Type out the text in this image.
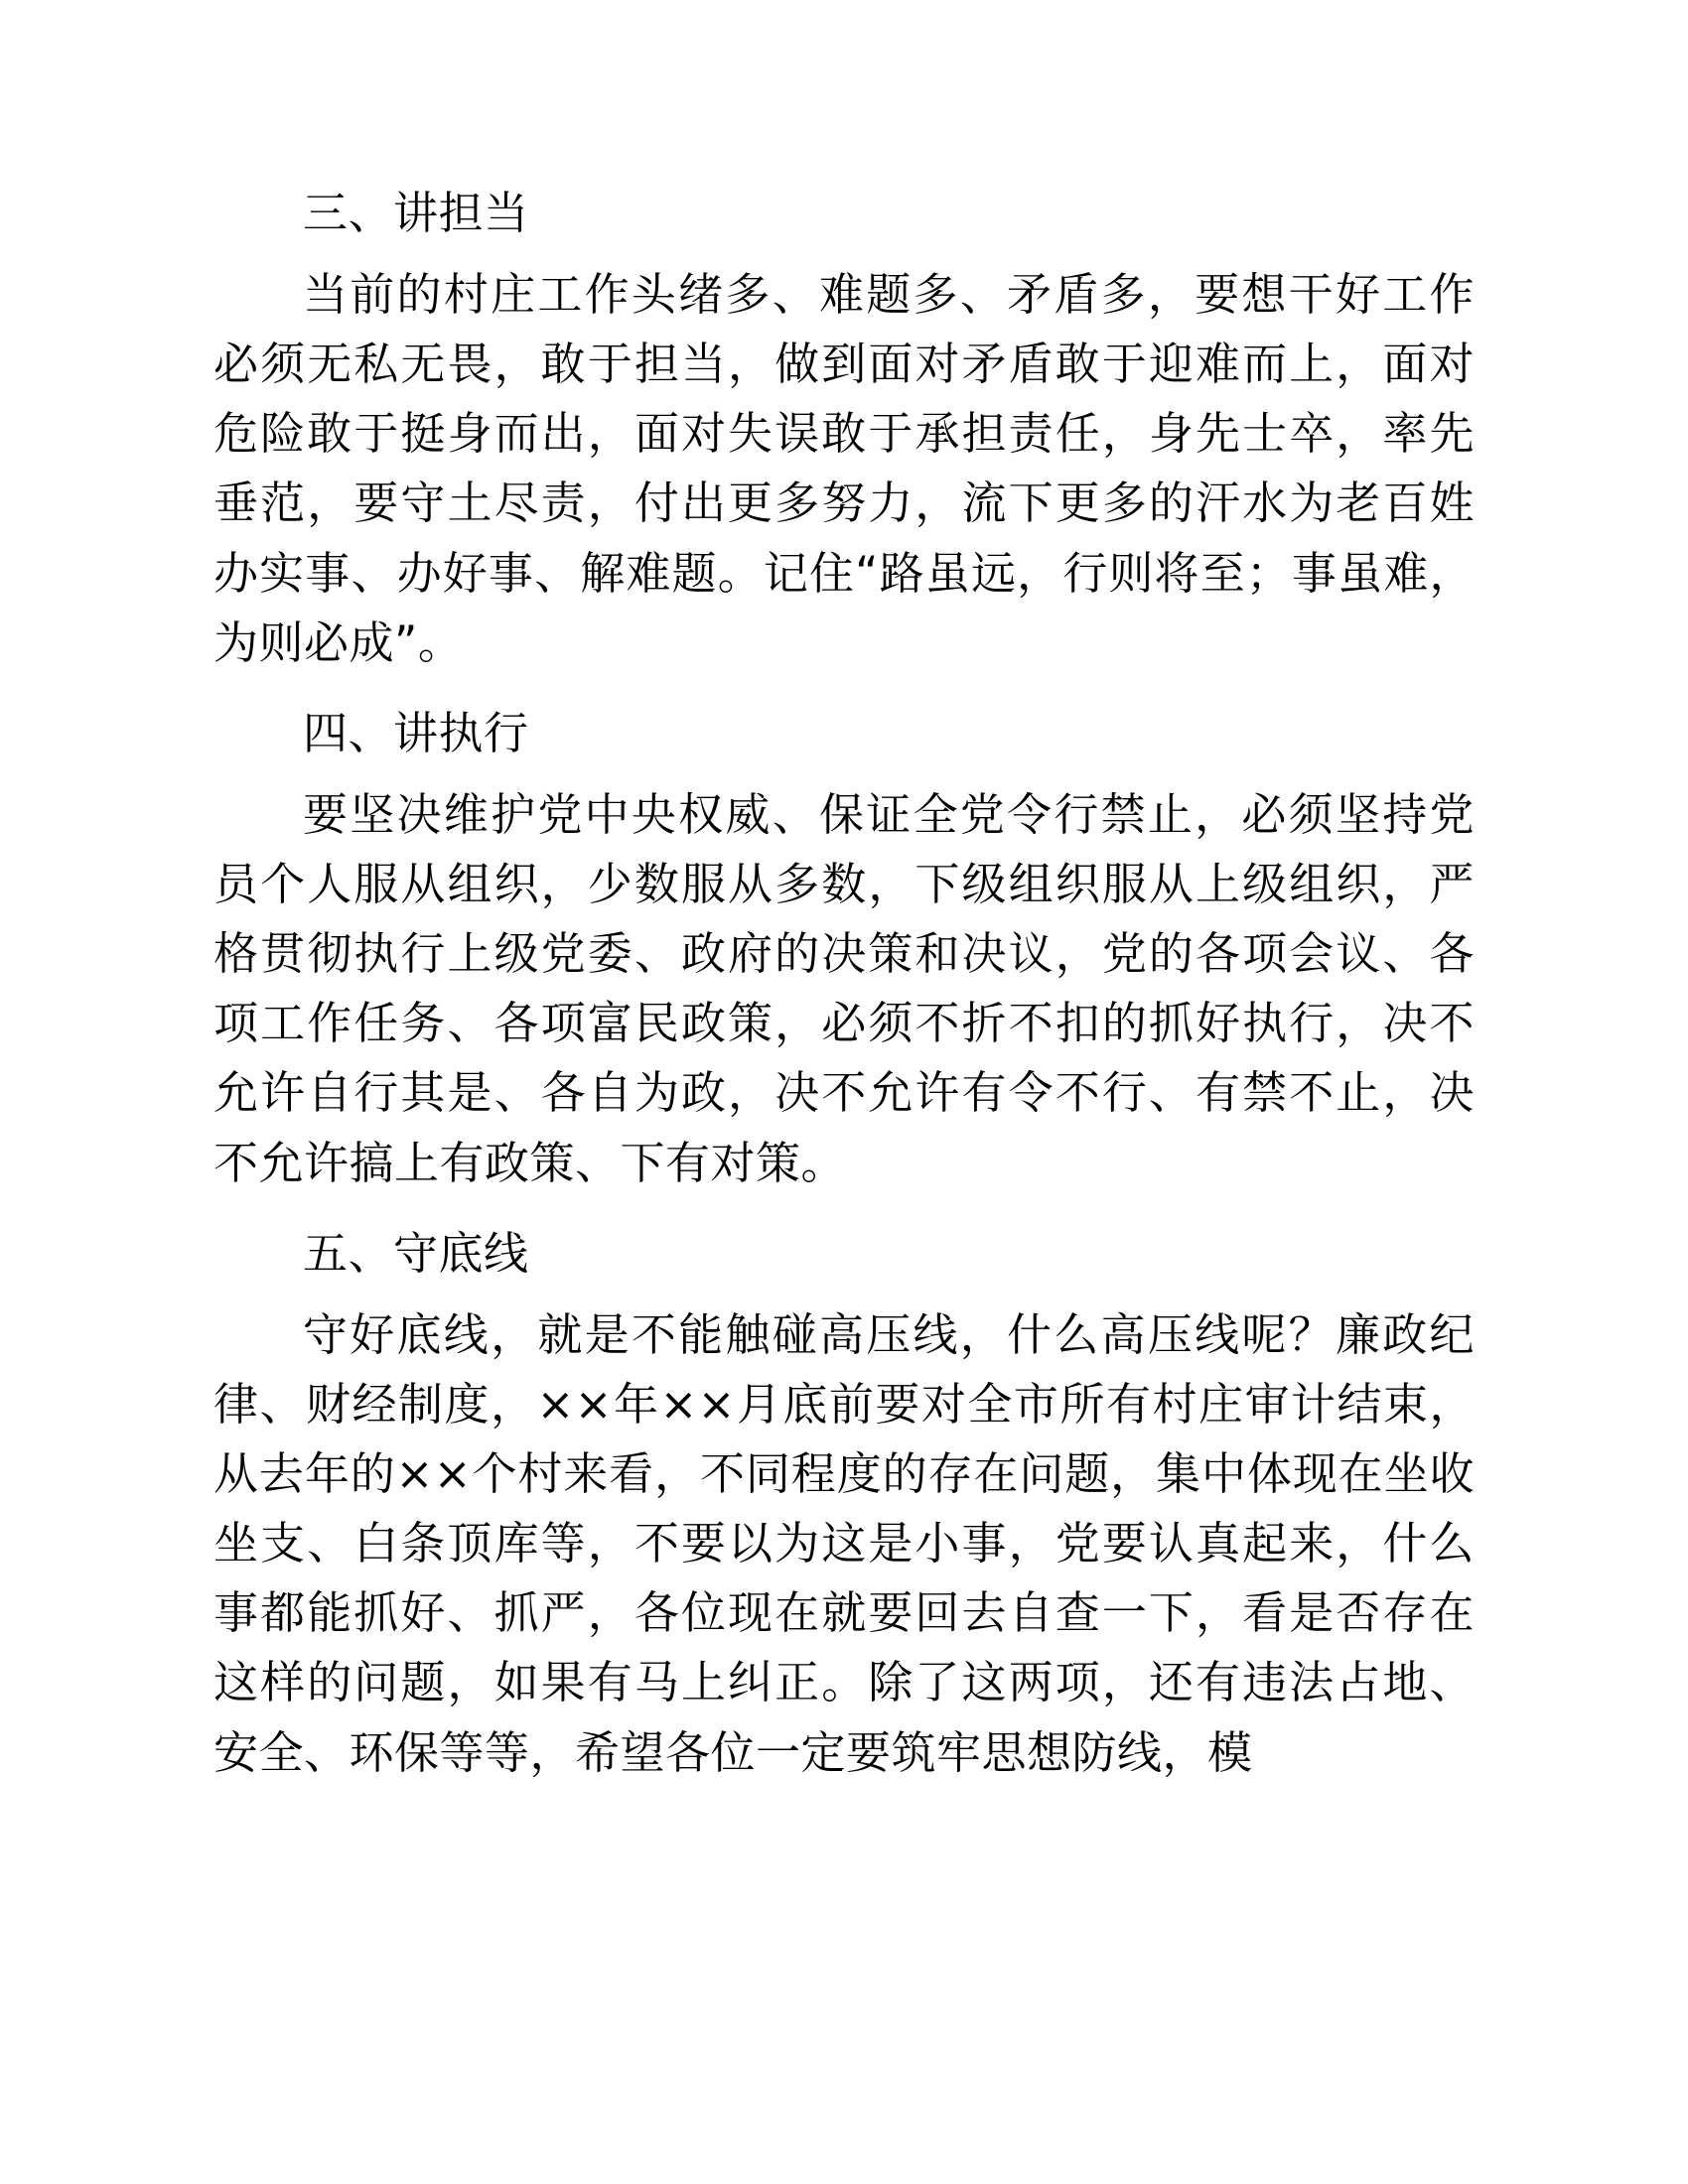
三、讲担当

当前的村庄工作头绪多、难题多、矛盾多，要想干好工作必须无私无畏，敢于担当，做到面对矛盾敢于迎难而上，面对危险敢于挺身而出，面对失误敢于承担责任，身先士卒，率先垂范，要守土尽责，付出更多努力，流下更多的汗水为老百姓办实事、办好事、解难题。记住“路虽远，行则将至；事虽难，为则必成”。

四、讲执行

要坚决维护党中央权威、保证全党令行禁止，必须坚持党员个人服从组织，少数服从多数，下级组织服从上级组织，严格贯彻执行上级党委、政府的决策和决议，党的各项会议、各项工作任务、各项富民政策，必须不折不扣的抓好执行，决不允许自行其是、各自为政，决不允许有令不行、有禁不止，决不允许搞上有政策、下有对策。

五、守底线

守好底线，就是不能触碰高压线，什么高压线呢？廉政纪律、财经制度，××年××月底前要对全市所有村庄审计结束，从去年的××个村来看，不同程度的存在问题，集中体现在坐收坐支、白条顶库等，不要以为这是小事，党要认真起来，什么事都能抓好、抓严，各位现在就要回去自查一下，看是否存在这样的问题，如果有马上纠正。除了这两项，还有违法占地、安全、环保等等，希望各位一定要筑牢思想防线，模
